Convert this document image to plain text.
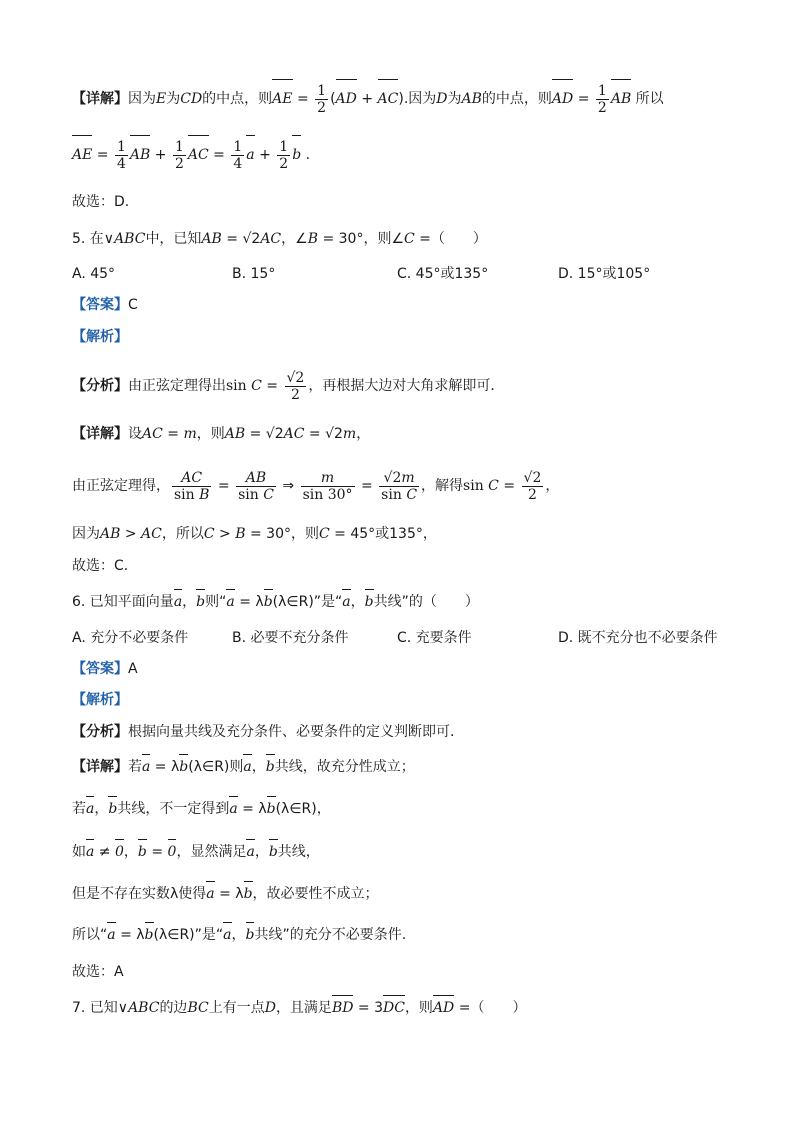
【详解】因为E为CD的中点，则AE = $\frac{1}{2} (AD + AC)$.因为D为AB的中点，则AD = $\frac{1}{2}$ AB 所以
AE = $\frac{1}{4}$ AB + $\frac{1}{2}$ AC = $\frac{1}{4}$ $a + \frac{1}{2}$ b .
故选：D.
5. 在∨ABC中，已知AB = √2AC，∠B = 30°，则∠C =（　　）
A. 45°	B. 15°	C. 45°或135°	D. 15°或105°
【答案】C
【解析】
【分析】由正弦定理得出$\sin C = \frac{√2}{2}$ ，再根据大边对大角求解即可．
【详解】设AC = m，则AB = √2AC = √2m，
由正弦定理得， $\frac{AC}{\text{sin B}} = \frac{AB}{\text{sin C}}$ ⇒ $\frac{m}{\sin 30^\circ} = \frac{√2m}{\text{sin C}}$ ，解得$\sin C = \frac{√2}{2}$ ，
因为AB > AC，所以C > B = 30°，则C = 45°或135°，
故选：C．
6. 已知平面向量a，b则“a = λb(λ∈R)”是“a，b共线”的（　　）
A. 充分不必要条件	B. 必要不充分条件	C. 充要条件	D. 既不充分也不必要条件
【答案】A
【解析】
【分析】根据向量共线及充分条件、必要条件的定义判断即可.
【详解】若a = λb(λ∈R)则a，b共线，故充分性成立；
若a，b共线，不一定得到a = λb(λ∈R)，
如a ≠ 0，b = 0，显然满足a，b共线，
但是不存在实数λ使得a = λb，故必要性不成立；
所以“a = λb(λ∈R)”是“a，b共线”的充分不必要条件.
故选：A
7. 已知∨ABC的边BC上有一点D，且满足BD = 3DC，则AD =（　　）
